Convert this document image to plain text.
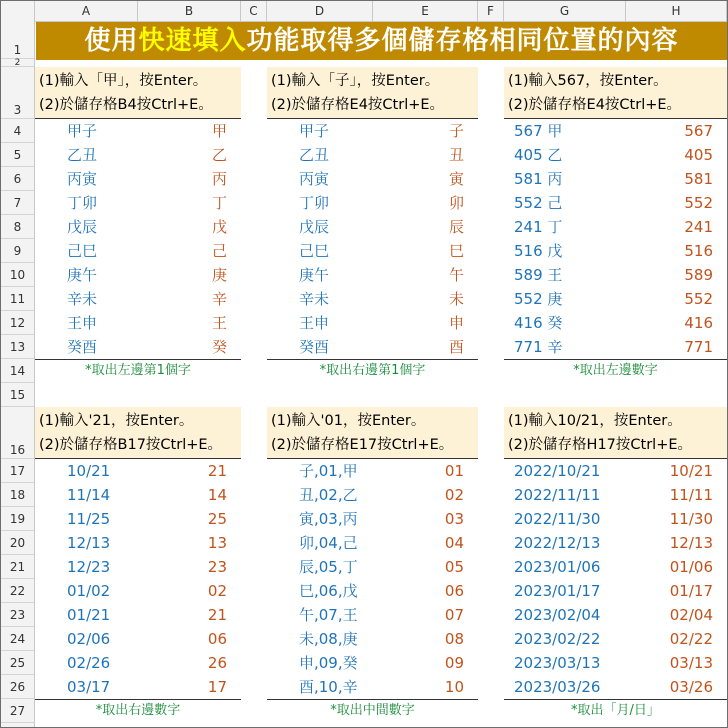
A	B	C	D	E	F	G	H
1
2
3
4
5
6
7
8
9
10
11
12
13
14
15
16
17
18
19
20
21
22
23
24
25
26
27
使用快速填入功能取得多個儲存格相同位置的內容
(1)輸入「甲」，按Enter。
(2)於儲存格B4按Ctrl+E。
甲子	甲
乙丑	乙
丙寅	丙
丁卯	丁
戊辰	戊
己巳	己
庚午	庚
辛未	辛
王申	王
癸酉	癸
*取出左邊第1個字
(1)輸入「子」，按Enter。
(2)於儲存格E4按Ctrl+E。
甲子	子
乙丑	丑
丙寅	寅
丁卯	卯
戊辰	辰
己巳	巳
庚午	午
辛未	未
王申	申
癸酉	酉
*取出右邊第1個字
(1)輸入567，按Enter。
(2)於儲存格E4按Ctrl+E。
567 甲	567
405 乙	405
581 丙	581
552 己	552
241 丁	241
516 戊	516
589 王	589
552 庚	552
416 癸	416
771 辛	771
*取出左邊數字
(1)輸入'21，按Enter。
(2)於儲存格B17按Ctrl+E。
10/21	21
11/14	14
11/25	25
12/13	13
12/23	23
01/02	02
01/21	21
02/06	06
02/26	26
03/17	17
*取出右邊數字
(1)輸入'01，按Enter。
(2)於儲存格E17按Ctrl+E。
子,01,甲	01
丑,02,乙	02
寅,03,丙	03
卯,04,己	04
辰,05,丁	05
巳,06,戊	06
午,07,王	07
未,08,庚	08
申,09,癸	09
酉,10,辛	10
*取出中間數字
(1)輸入10/21，按Enter。
(2)於儲存格H17按Ctrl+E。
2022/10/21	10/21
2022/11/11	11/11
2022/11/30	11/30
2022/12/13	12/13
2023/01/06	01/06
2023/01/17	01/17
2023/02/04	02/04
2023/02/22	02/22
2023/03/13	03/13
2023/03/26	03/26
*取出「月/日」
